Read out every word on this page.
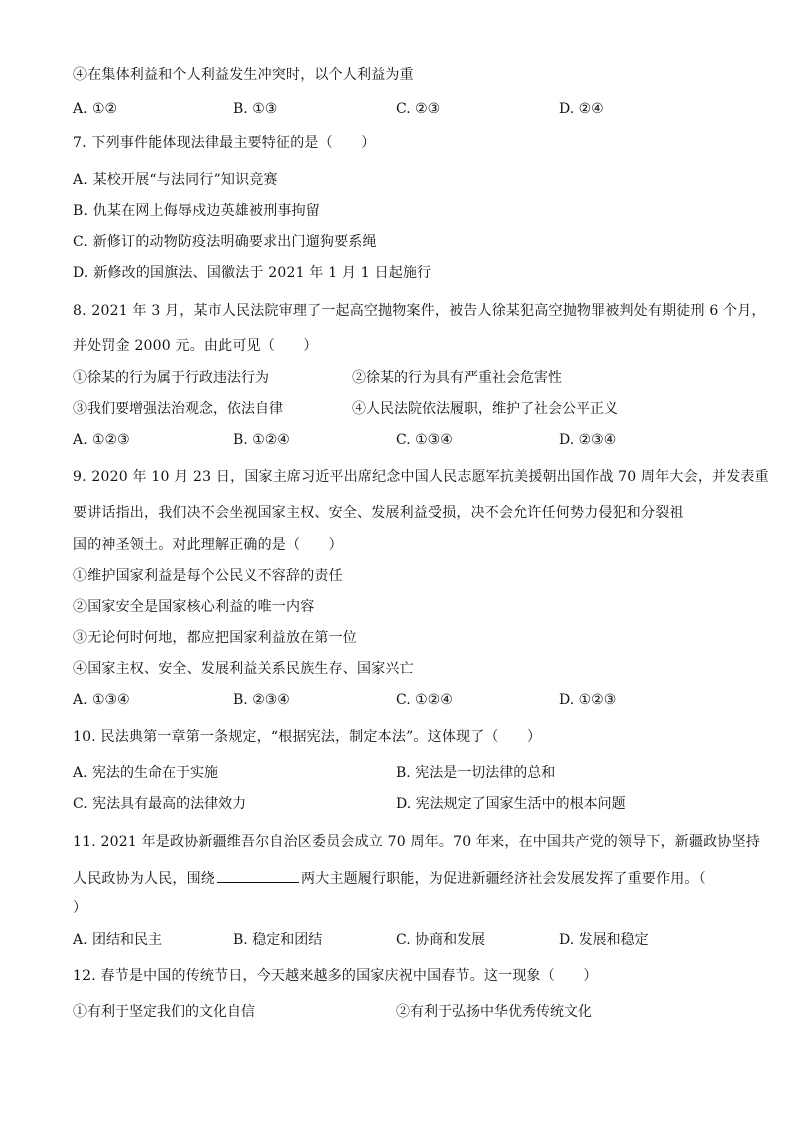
④在集体利益和个人利益发生冲突时，以个人利益为重
A. ①②	B. ①③	C. ②③	D. ②④
7. 下列事件能体现法律最主要特征的是（　　）
A. 某校开展“与法同行”知识竞赛
B. 仇某在网上侮辱戍边英雄被刑事拘留
C. 新修订的动物防疫法明确要求出门遛狗要系绳
D. 新修改的国旗法、国徽法于 2021 年 1 月 1 日起施行
8. 2021 年 3 月，某市人民法院审理了一起高空抛物案件，被告人徐某犯高空抛物罪被判处有期徒刑 6 个月，
并处罚金 2000 元。由此可见（　　）
①徐某的行为属于行政违法行为	②徐某的行为具有严重社会危害性
③我们要增强法治观念，依法自律	④人民法院依法履职，维护了社会公平正义
A. ①②③	B. ①②④	C. ①③④	D. ②③④
9. 2020 年 10 月 23 日，国家主席习近平出席纪念中国人民志愿军抗美援朝出国作战 70 周年大会，并发表重
要讲话指出，我们决不会坐视国家主权、安全、发展利益受损，决不会允许任何势力侵犯和分裂祖
国的神圣领土。对此理解正确的是（　　）
①维护国家利益是每个公民义不容辞的责任
②国家安全是国家核心利益的唯一内容
③无论何时何地，都应把国家利益放在第一位
④国家主权、安全、发展利益关系民族生存、国家兴亡
A. ①③④	B. ②③④	C. ①②④	D. ①②③
10. 民法典第一章第一条规定，“根据宪法，制定本法”。这体现了（　　）
A. 宪法的生命在于实施	B. 宪法是一切法律的总和
C. 宪法具有最高的法律效力	D. 宪法规定了国家生活中的根本问题
11. 2021 年是政协新疆维吾尔自治区委员会成立 70 周年。70 年来，在中国共产党的领导下，新疆政协坚持
人民政协为人民，围绕	两大主题履行职能，为促进新疆经济社会发展发挥了重要作用。（
）
A. 团结和民主	B. 稳定和团结	C. 协商和发展	D. 发展和稳定
12. 春节是中国的传统节日，今天越来越多的国家庆祝中国春节。这一现象（　　）
①有利于坚定我们的文化自信	②有利于弘扬中华优秀传统文化
